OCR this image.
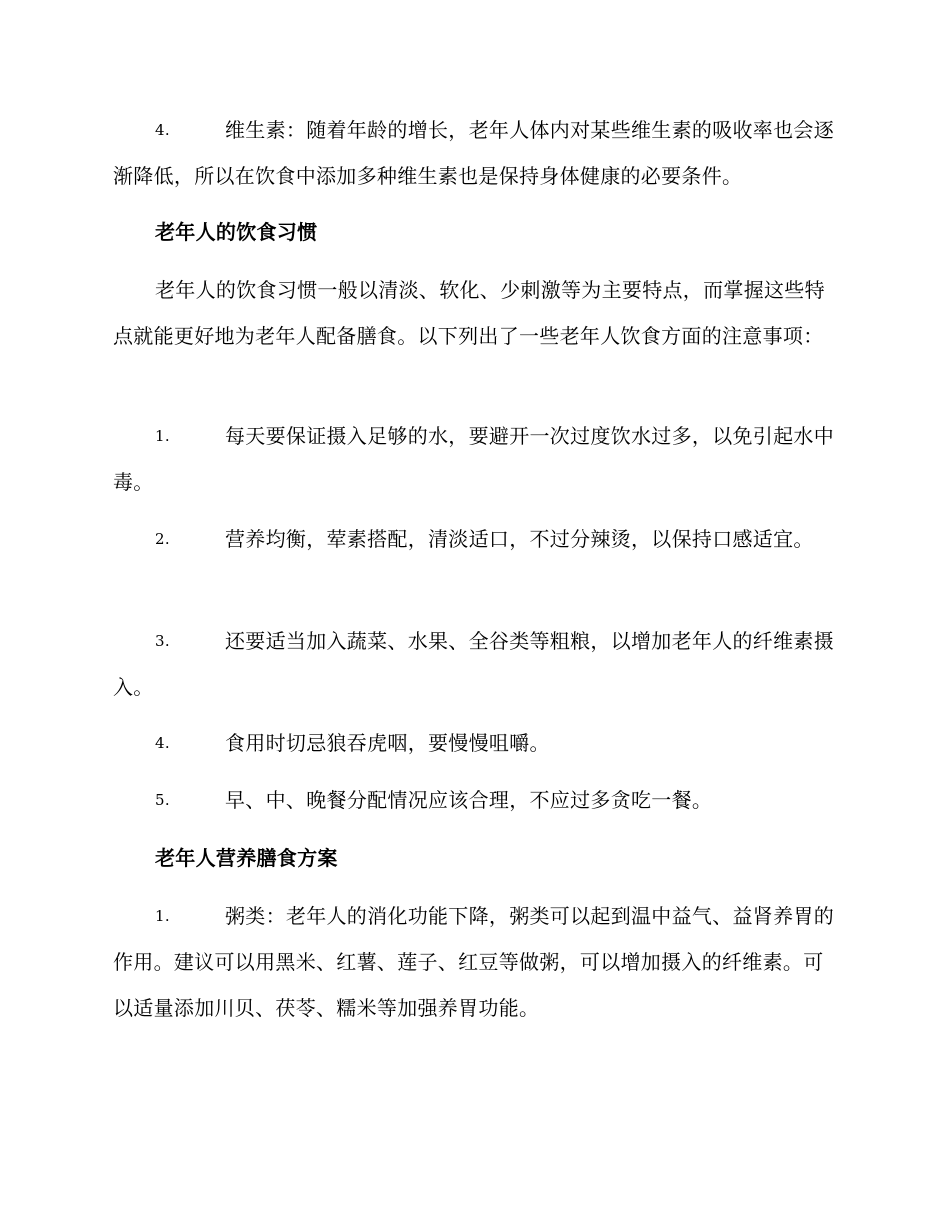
4.	维生素：随着年龄的增长，老年人体内对某些维生素的吸收率也会逐渐降低，所以在饮食中添加多种维生素也是保持身体健康的必要条件。
老年人的饮食习惯
老年人的饮食习惯一般以清淡、软化、少刺激等为主要特点，而掌握这些特点就能更好地为老年人配备膳食。以下列出了一些老年人饮食方面的注意事项：
1.	每天要保证摄入足够的水，要避开一次过度饮水过多，以免引起水中毒。
2.	营养均衡，荤素搭配，清淡适口，不过分辣烫，以保持口感适宜。
3.	还要适当加入蔬菜、水果、全谷类等粗粮，以增加老年人的纤维素摄入。
4.	食用时切忌狼吞虎咽，要慢慢咀嚼。
5.	早、中、晚餐分配情况应该合理，不应过多贪吃一餐。
老年人营养膳食方案
1.	粥类：老年人的消化功能下降，粥类可以起到温中益气、益肾养胃的作用。建议可以用黑米、红薯、莲子、红豆等做粥，可以增加摄入的纤维素。可以适量添加川贝、茯苓、糯米等加强养胃功能。
